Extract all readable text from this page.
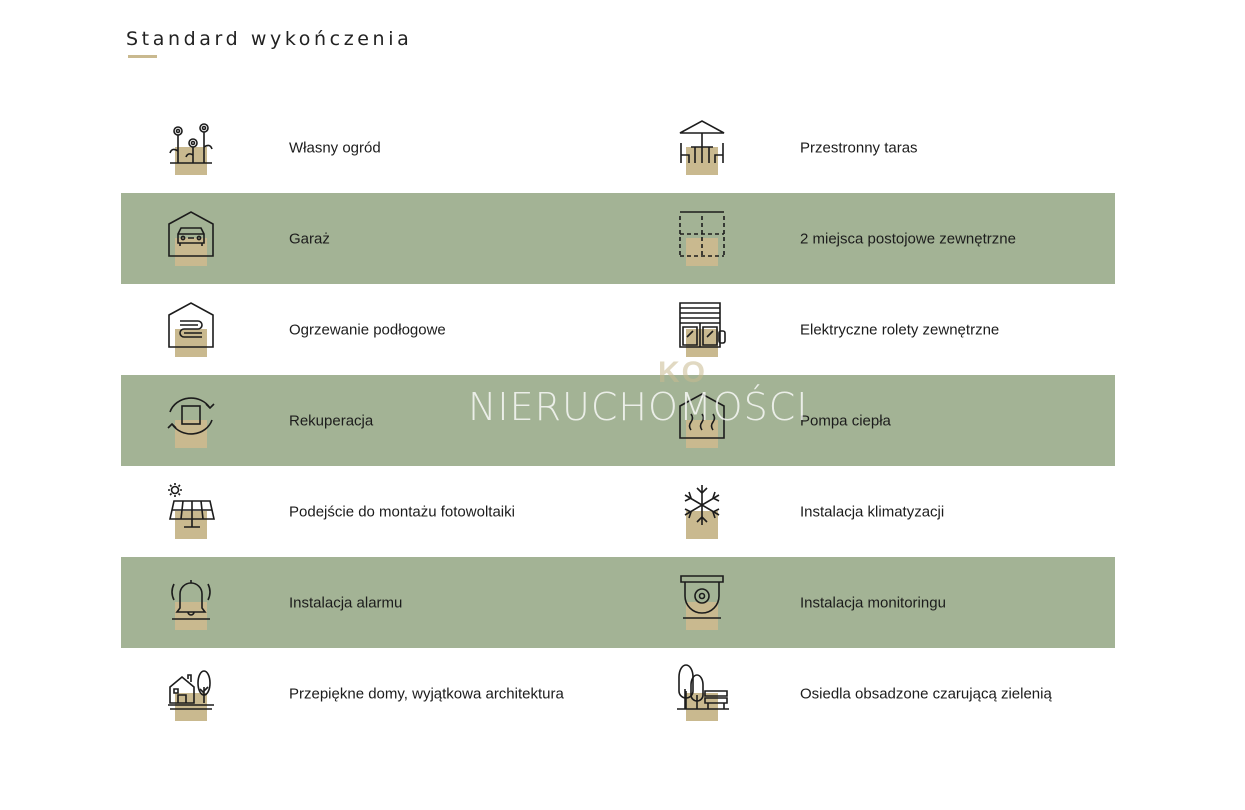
Standard wykończenia
Własny ogród	Przestronny taras
Garaż	2 miejsca postojowe zewnętrzne
Ogrzewanie podłogowe	Elektryczne rolety zewnętrzne
Rekuperacja	Pompa ciepła
Podejście do montażu fotowoltaiki	Instalacja klimatyzacji
Instalacja alarmu	Instalacja monitoringu
Przepiękne domy, wyjątkowa architektura	Osiedla obsadzone czarującą zielenią
KO
NIERUCHOMOŚCI
